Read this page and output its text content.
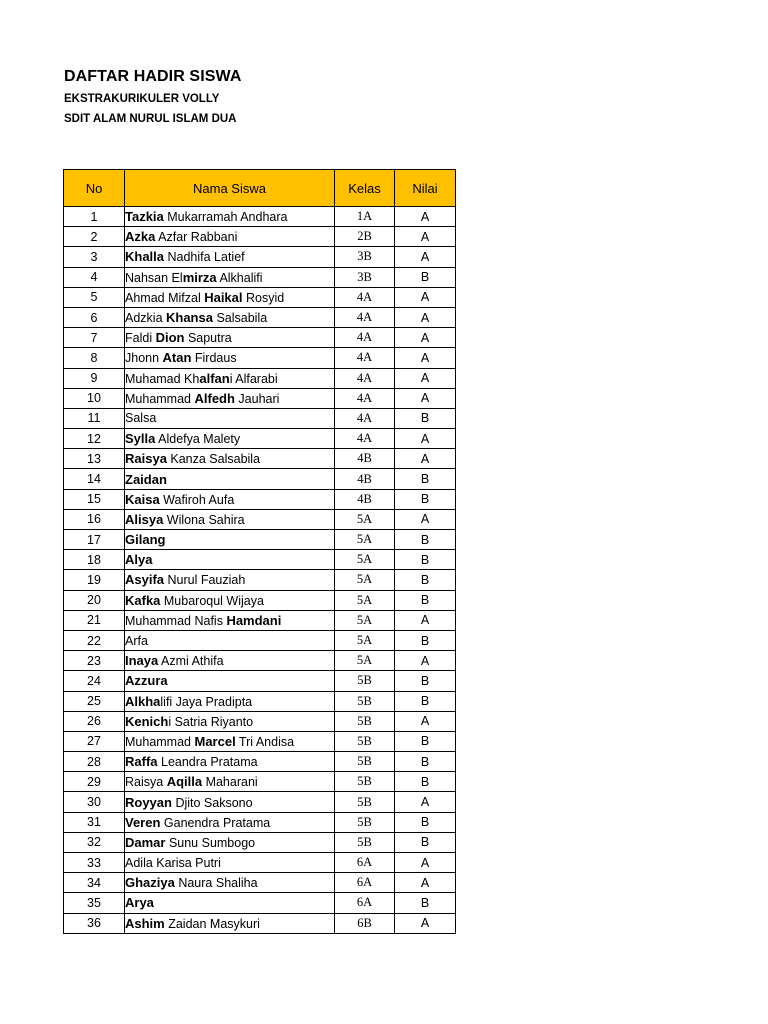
DAFTAR HADIR SISWA
EKSTRAKURIKULER VOLLY
SDIT ALAM NURUL ISLAM DUA
No	Nama Siswa	Kelas	Nilai
1	Tazkia Mukarramah Andhara	1A	A
2	Azka Azfar Rabbani	2B	A
3	Khalla Nadhifa Latief	3B	A
4	Nahsan Elmirza Alkhalifi	3B	B
5	Ahmad Mifzal Haikal Rosyid	4A	A
6	Adzkia Khansa Salsabila	4A	A
7	Faldi Dion Saputra	4A	A
8	Jhonn Atan Firdaus	4A	A
9	Muhamad Khalfani Alfarabi	4A	A
10	Muhammad Alfedh Jauhari	4A	A
11	Salsa	4A	B
12	Sylla Aldefya Malety	4A	A
13	Raisya Kanza Salsabila	4B	A
14	Zaidan	4B	B
15	Kaisa Wafiroh Aufa	4B	B
16	Alisya Wilona Sahira	5A	A
17	Gilang	5A	B
18	Alya	5A	B
19	Asyifa Nurul Fauziah	5A	B
20	Kafka Mubaroqul Wijaya	5A	B
21	Muhammad Nafis Hamdani	5A	A
22	Arfa	5A	B
23	Inaya Azmi Athifa	5A	A
24	Azzura	5B	B
25	Alkhalifi Jaya Pradipta	5B	B
26	Kenichi Satria Riyanto	5B	A
27	Muhammad Marcel Tri Andisa	5B	B
28	Raffa Leandra Pratama	5B	B
29	Raisya Aqilla Maharani	5B	B
30	Royyan Djito Saksono	5B	A
31	Veren Ganendra Pratama	5B	B
32	Damar Sunu Sumbogo	5B	B
33	Adila Karisa Putri	6A	A
34	Ghaziya Naura Shaliha	6A	A
35	Arya	6A	B
36	Ashim Zaidan Masykuri	6B	A
